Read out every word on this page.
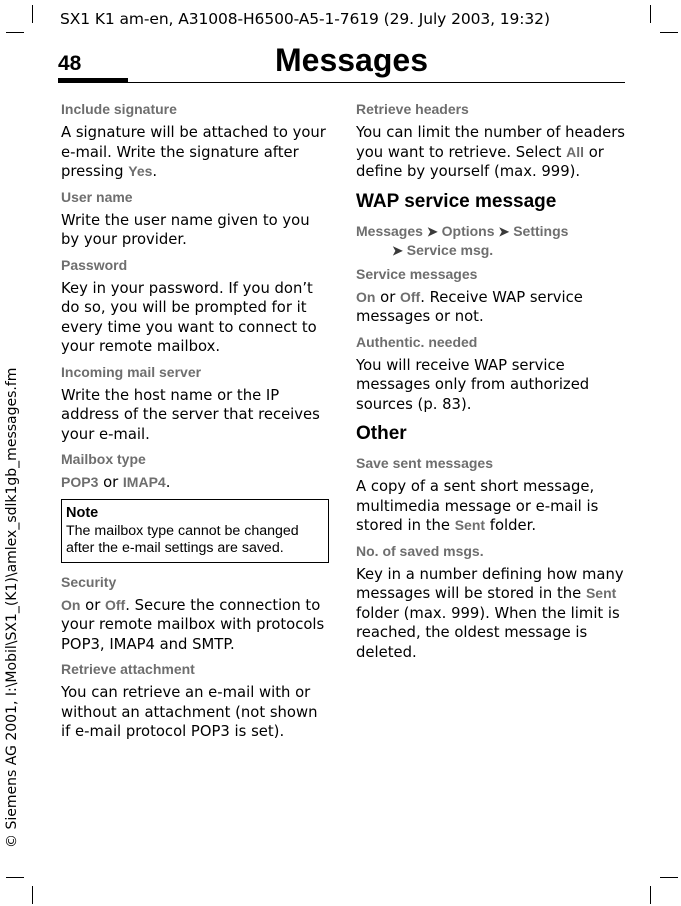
SX1 K1 am-en, A31008-H6500-A5-1-7619 (29. July 2003, 19:32)
48	Messages
© Siemens AG 2001, I:\Mobil\SX1_(K1)\amlex_sdlk1gb_messages.fm
Include signature
A signature will be attached to your e-mail. Write the signature after pressing Yes.
User name
Write the user name given to you by your provider.
Password
Key in your password. If you don’t do so, you will be prompted for it every time you want to connect to your remote mailbox.
Incoming mail server
Write the host name or the IP address of the server that receives your e-mail.
Mailbox type
POP3 or IMAP4.
Note
The mailbox type cannot be changed after the e-mail settings are saved.
Security
On or Off. Secure the connection to your remote mailbox with protocols POP3, IMAP4 and SMTP.
Retrieve attachment
You can retrieve an e-mail with or without an attachment (not shown if e-mail protocol POP3 is set).
Retrieve headers
You can limit the number of headers you want to retrieve. Select All or define by yourself (max. 999).
WAP service message
Messages ➤ Options ➤ Settings
➤ Service msg.
Service messages
On or Off. Receive WAP service messages or not.
Authentic. needed
You will receive WAP service messages only from authorized sources (p. 83).
Other
Save sent messages
A copy of a sent short message, multimedia message or e-mail is stored in the Sent folder.
No. of saved msgs.
Key in a number defining how many messages will be stored in the Sent folder (max. 999). When the limit is reached, the oldest message is deleted.
